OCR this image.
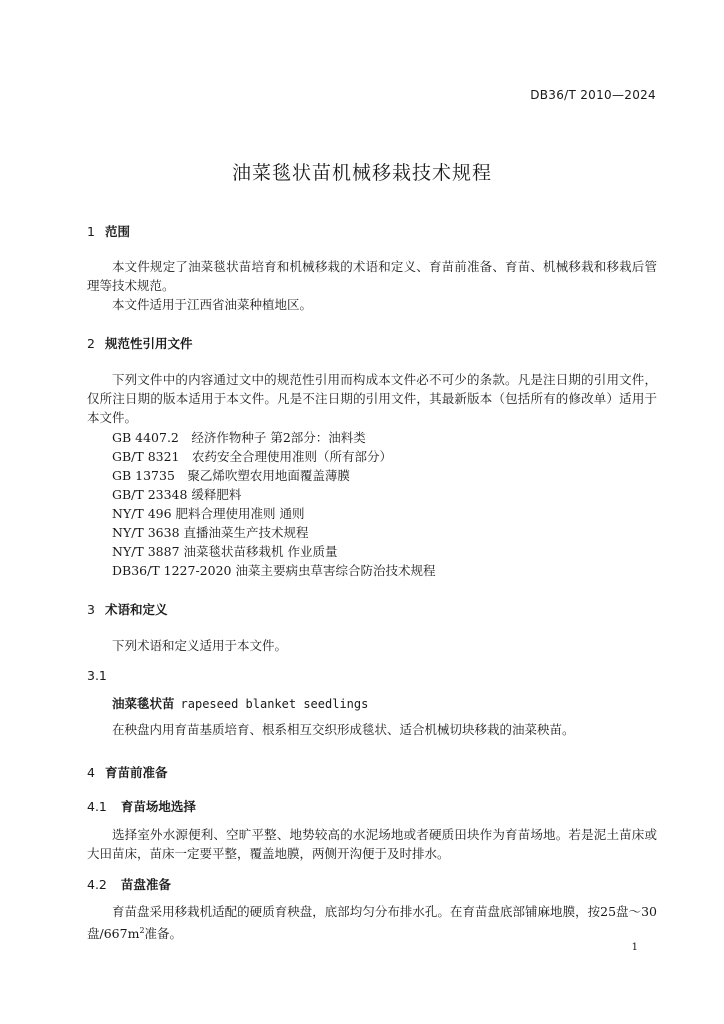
DB36/T 2010—2024
油菜毯状苗机械移栽技术规程
1 范围

本文件规定了油菜毯状苗培育和机械移栽的术语和定义、育苗前准备、育苗、机械移栽和移栽后管理等技术规范。

本文件适用于江西省油菜种植地区。

2 规范性引用文件

下列文件中的内容通过文中的规范性引用而构成本文件必不可少的条款。凡是注日期的引用文件，仅所注日期的版本适用于本文件。凡是不注日期的引用文件，其最新版本（包括所有的修改单）适用于本文件。

GB 4407.2　经济作物种子 第2部分：油料类
GB/T 8321　农药安全合理使用准则（所有部分）
GB 13735　聚乙烯吹塑农用地面覆盖薄膜
GB/T 23348 缓释肥料
NY/T 496 肥料合理使用准则 通则
NY/T 3638 直播油菜生产技术规程
NY/T 3887 油菜毯状苗移栽机 作业质量
DB36/T 1227-2020 油菜主要病虫草害综合防治技术规程
3 术语和定义

下列术语和定义适用于本文件。

3.1
油菜毯状苗 rapeseed blanket seedlings

在秧盘内用育苗基质培育、根系相互交织形成毯状、适合机械切块移栽的油菜秧苗。

4 育苗前准备
4.1 育苗场地选择

选择室外水源便利、空旷平整、地势较高的水泥场地或者硬质田块作为育苗场地。若是泥土苗床或大田苗床，苗床一定要平整，覆盖地膜，两侧开沟便于及时排水。

4.2 苗盘准备

育苗盘采用移栽机适配的硬质育秧盘，底部均匀分布排水孔。在育苗盘底部铺麻地膜，按25盘～30盘$/667m^2$准备。

1
